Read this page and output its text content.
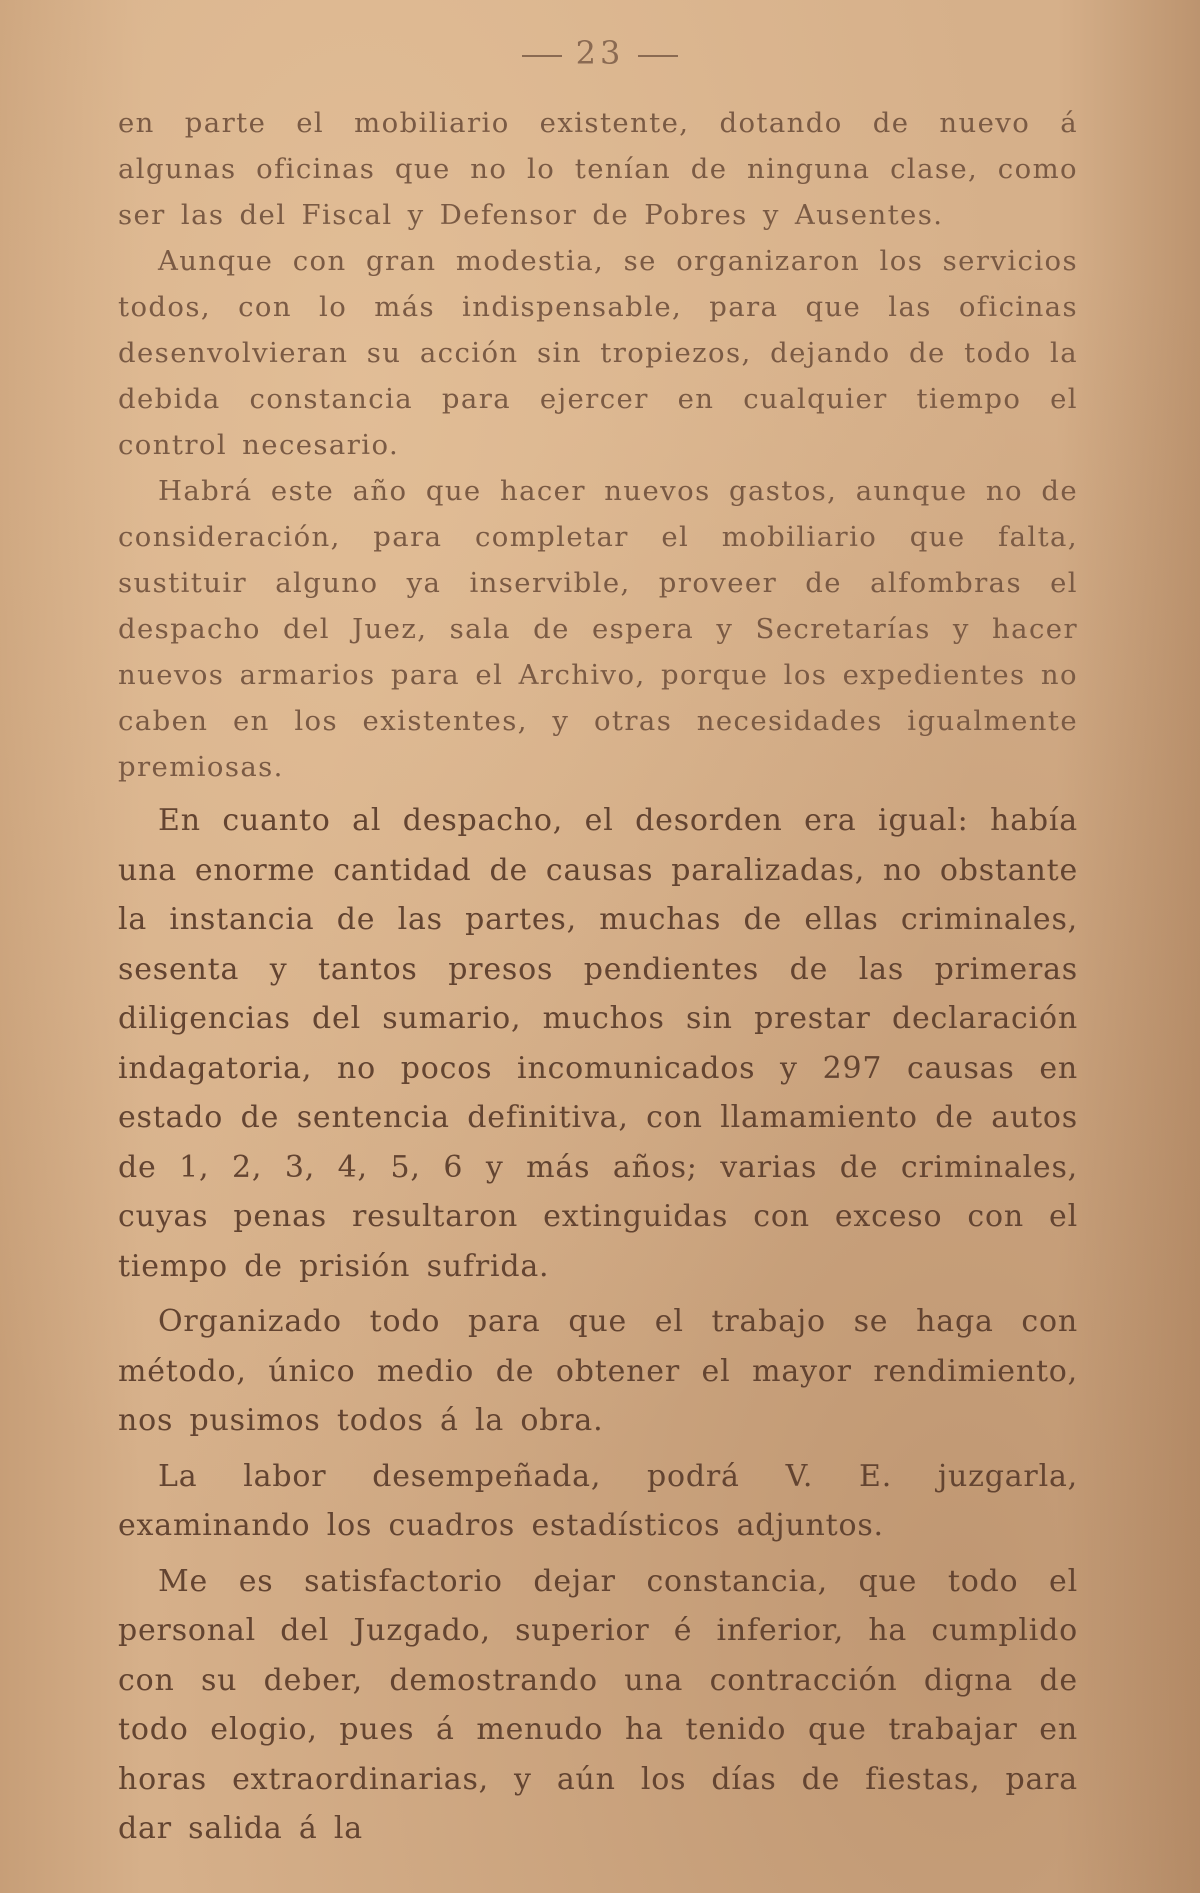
23

en parte el mobiliario existente, dotando de nuevo á algunas oficinas que no lo tenían de ninguna clase, como ser las del Fiscal y Defensor de Pobres y Ausentes.

Aunque con gran modestia, se organizaron los servicios todos, con lo más indispensable, para que las oficinas desenvolvieran su acción sin tropiezos, dejando de todo la debida constancia para ejercer en cualquier tiempo el control necesario.

Habrá este año que hacer nuevos gastos, aunque no de consideración, para completar el mobiliario que falta, sustituir alguno ya inservible, proveer de alfombras el despacho del Juez, sala de espera y Secretarías y hacer nuevos armarios para el Archivo, porque los expedientes no caben en los existentes, y otras necesidades igualmente premiosas.

En cuanto al despacho, el desorden era igual: había una enorme cantidad de causas paralizadas, no obstante la instancia de las partes, muchas de ellas criminales, sesenta y tantos presos pendientes de las primeras diligencias del sumario, muchos sin prestar declaración indagatoria, no pocos incomunicados y 297 causas en estado de sentencia definitiva, con llamamiento de autos de 1, 2, 3, 4, 5, 6 y más años; varias de criminales, cuyas penas resultaron extinguidas con exceso con el tiempo de prisión sufrida.

Organizado todo para que el trabajo se haga con método, único medio de obtener el mayor rendimiento, nos pusimos todos á la obra.

La labor desempeñada, podrá V. E. juzgarla, examinando los cuadros estadísticos adjuntos.

Me es satisfactorio dejar constancia, que todo el personal del Juzgado, superior é inferior, ha cumplido con su deber, demostrando una contracción digna de todo elogio, pues á menudo ha tenido que trabajar en horas extraordinarias, y aún los días de fiestas, para dar salida á la
